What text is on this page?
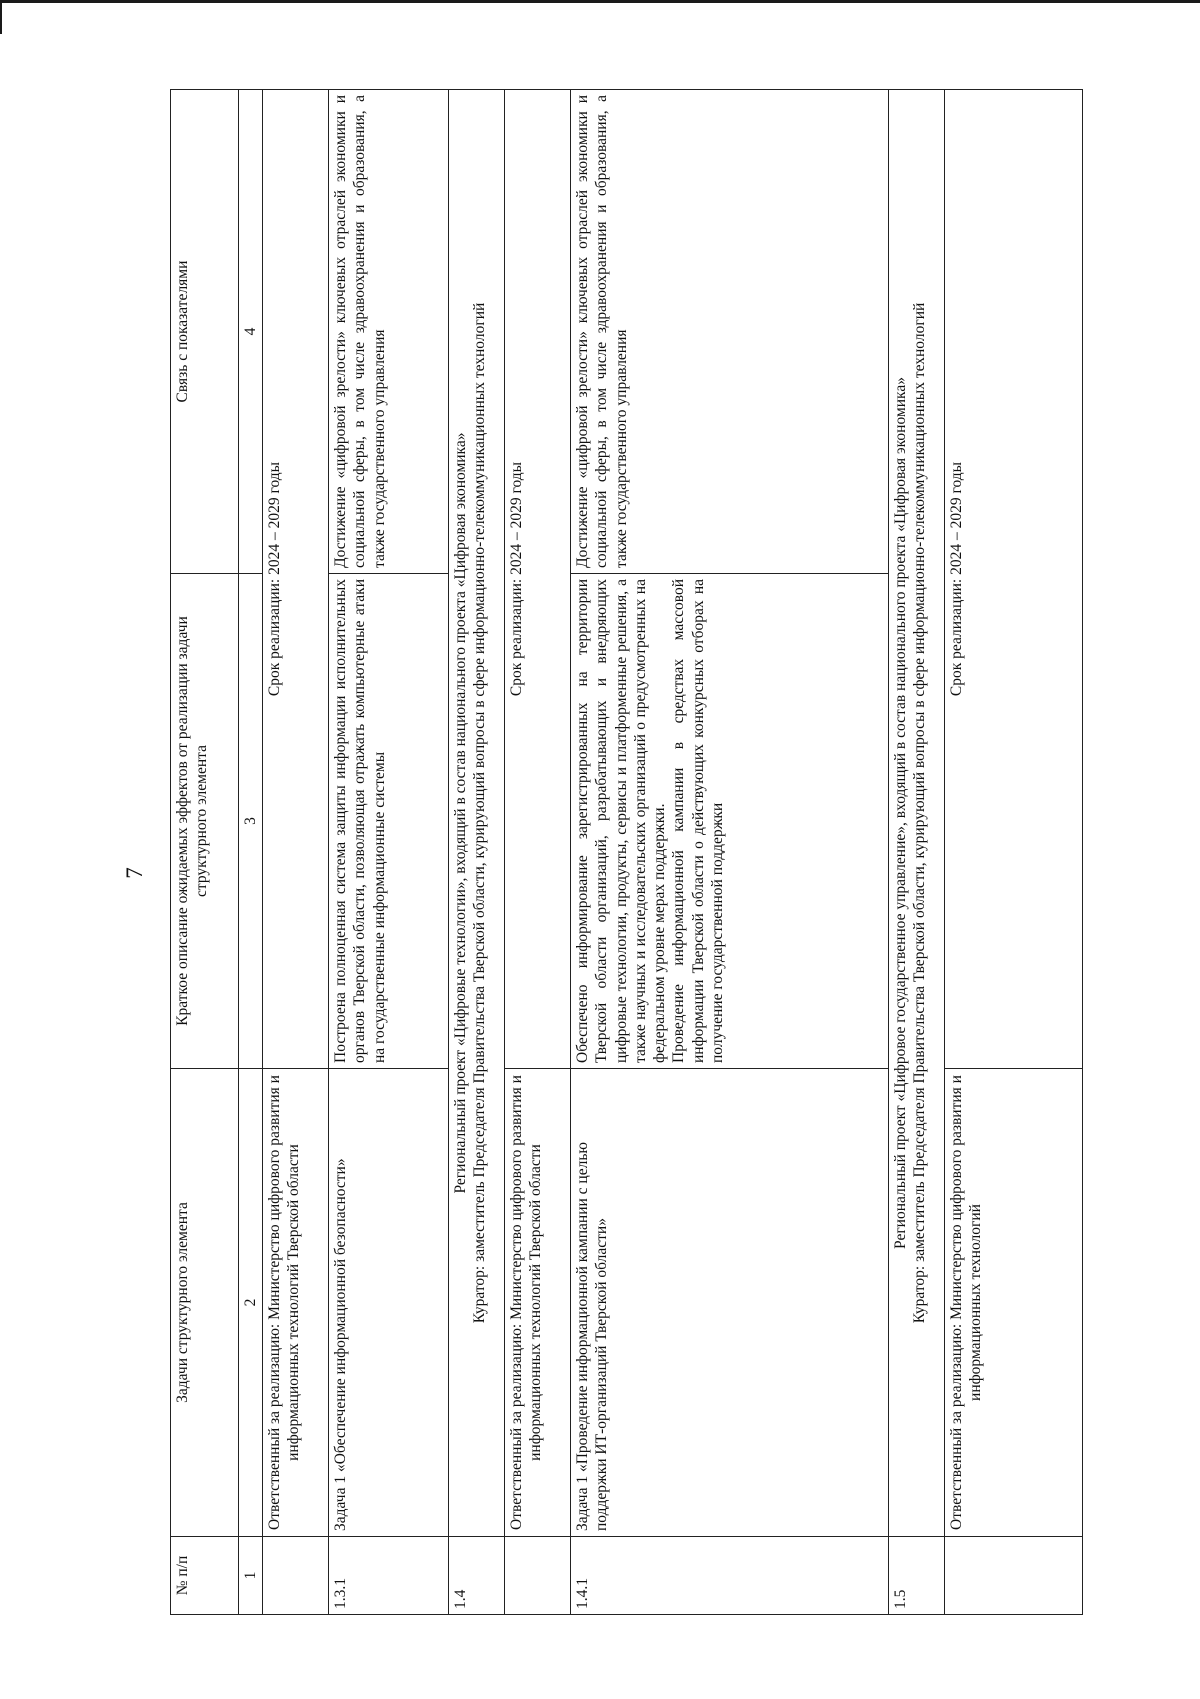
7
№ п/п	Задачи структурного элемента	Краткое описание ожидаемых эффектов от реализации задачи структурного элемента	Связь с показателями
1	2	3	4
	Ответственный за реализацию: Министерство цифрового развития и информационных технологий Тверской области	Срок реализации: 2024 – 2029 годы	
1.3.1	Задача 1 «Обеспечение информационной безопасности»	Построена полноценная система защиты информации исполнительных органов Тверской области, позволяющая отражать компьютерные атаки на государственные информационные системы	Достижение «цифровой зрелости» ключевых отраслей экономики и социальной сферы, в том числе здравоохранения и образования, а также государственного управления
1.4	Региональный проект «Цифровые технологии», входящий в состав национального проекта «Цифровая экономика» Куратор: заместитель Председателя Правительства Тверской области, курирующий вопросы в сфере информационно-телекоммуникационных технологий		

	Ответственный за реализацию: Министерство цифрового развития и информационных технологий Тверской области	Срок реализации: 2024 – 2029 годы	
1.4.1	Задача 1 «Проведение информационной кампании с целью поддержки ИТ-организаций Тверской области»	Обеспечено информирование зарегистрированных на территории Тверской области организаций, разрабатывающих и внедряющих цифровые технологии, продукты, сервисы и платформенные решения, а также научных и исследовательских организаций о предусмотренных на федеральном уровне мерах поддержки. Проведение информационной кампании в средствах массовой информации Тверской области о действующих конкурсных отборах на получение государственной поддержки	Достижение «цифровой зрелости» ключевых отраслей экономики и социальной сферы, в том числе здравоохранения и образования, а также государственного управления
1.5	Региональный проект «Цифровое государственное управление», входящий в состав национального проекта «Цифровая экономика» Куратор: заместитель Председателя Правительства Тверской области, курирующий вопросы в сфере информационно-телекоммуникационных технологий		

	Ответственный за реализацию: Министерство цифрового развития и информационных технологий	Срок реализации: 2024 – 2029 годы	
